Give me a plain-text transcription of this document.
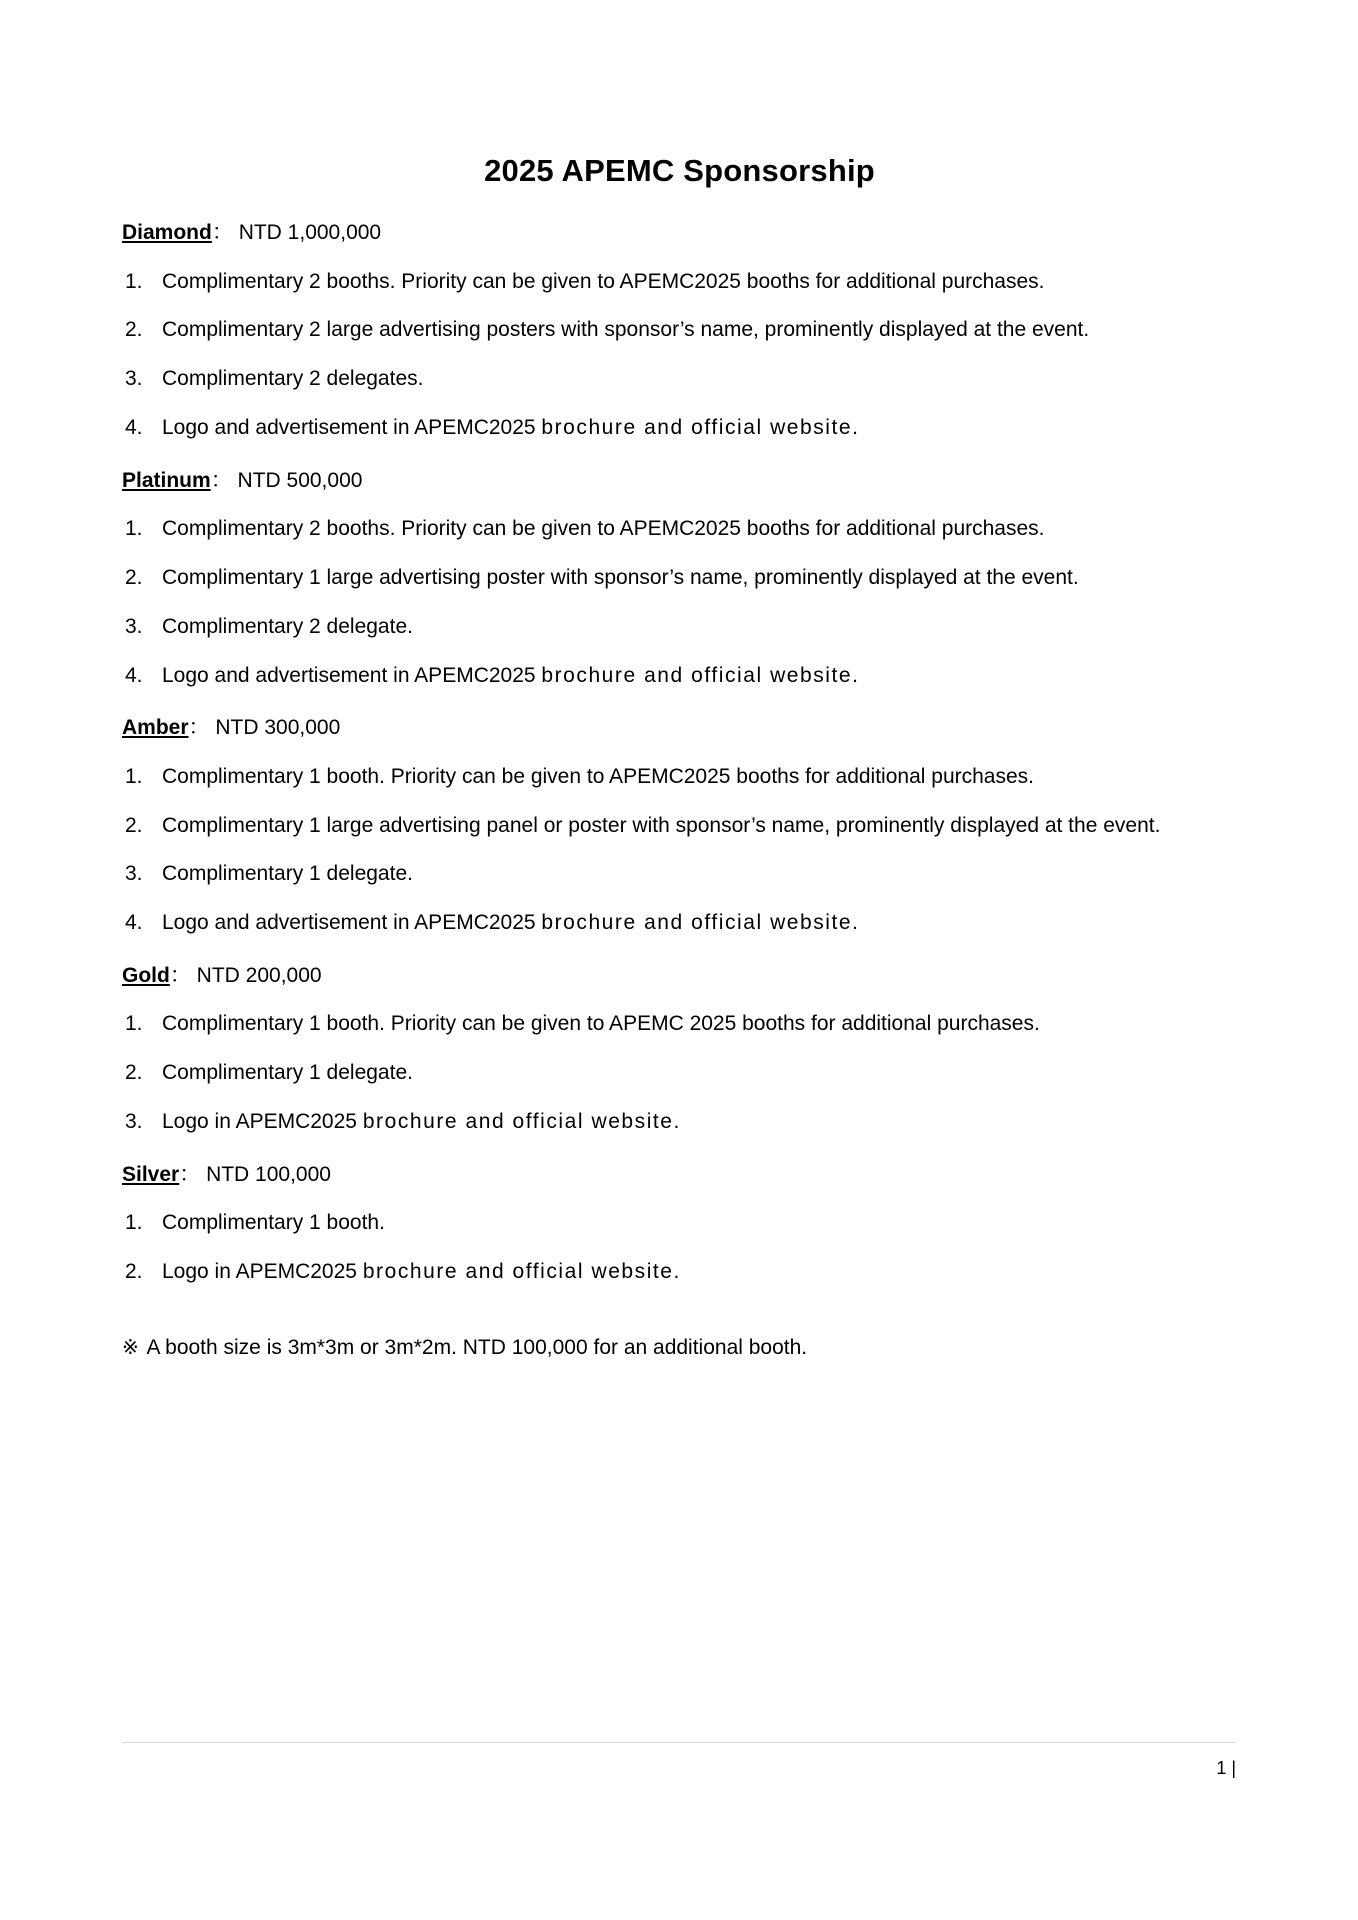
2025 APEMC Sponsorship
Diamond： NTD 1,000,000
1. Complimentary 2 booths. Priority can be given to APEMC2025 booths for additional purchases.
2. Complimentary 2 large advertising posters with sponsor’s name, prominently displayed at the event.
3. Complimentary 2 delegates.
4. Logo and advertisement in APEMC2025 brochure and official website.
Platinum： NTD 500,000
1. Complimentary 2 booths. Priority can be given to APEMC2025 booths for additional purchases.
2. Complimentary 1 large advertising poster with sponsor’s name, prominently displayed at the event.
3. Complimentary 2 delegate.
4. Logo and advertisement in APEMC2025 brochure and official website.
Amber： NTD 300,000
1. Complimentary 1 booth. Priority can be given to APEMC2025 booths for additional purchases.
2. Complimentary 1 large advertising panel or poster with sponsor’s name, prominently displayed at the event.
3. Complimentary 1 delegate.
4. Logo and advertisement in APEMC2025 brochure and official website.
Gold： NTD 200,000
1. Complimentary 1 booth. Priority can be given to APEMC 2025 booths for additional purchases.
2. Complimentary 1 delegate.
3. Logo in APEMC2025 brochure and official website.
Silver： NTD 100,000
1. Complimentary 1 booth.
2. Logo in APEMC2025 brochure and official website.

※ A booth size is 3m*3m or 3m*2m. NTD 100,000 for an additional booth.

1 |
